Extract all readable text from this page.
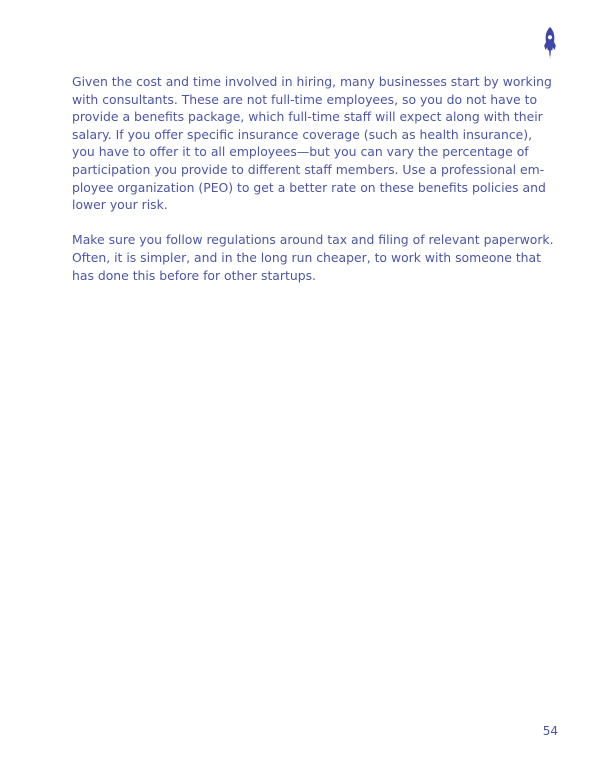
Given the cost and time involved in hiring, many businesses start by working
with consultants. These are not full-time employees, so you do not have to
provide a benefits package, which full-time staff will expect along with their
salary. If you offer specific insurance coverage (such as health insurance),
you have to offer it to all employees—but you can vary the percentage of
participation you provide to different staff members. Use a professional em-
ployee organization (PEO) to get a better rate on these benefits policies and
lower your risk.
Make sure you follow regulations around tax and filing of relevant paperwork.
Often, it is simpler, and in the long run cheaper, to work with someone that
has done this before for other startups.
54
